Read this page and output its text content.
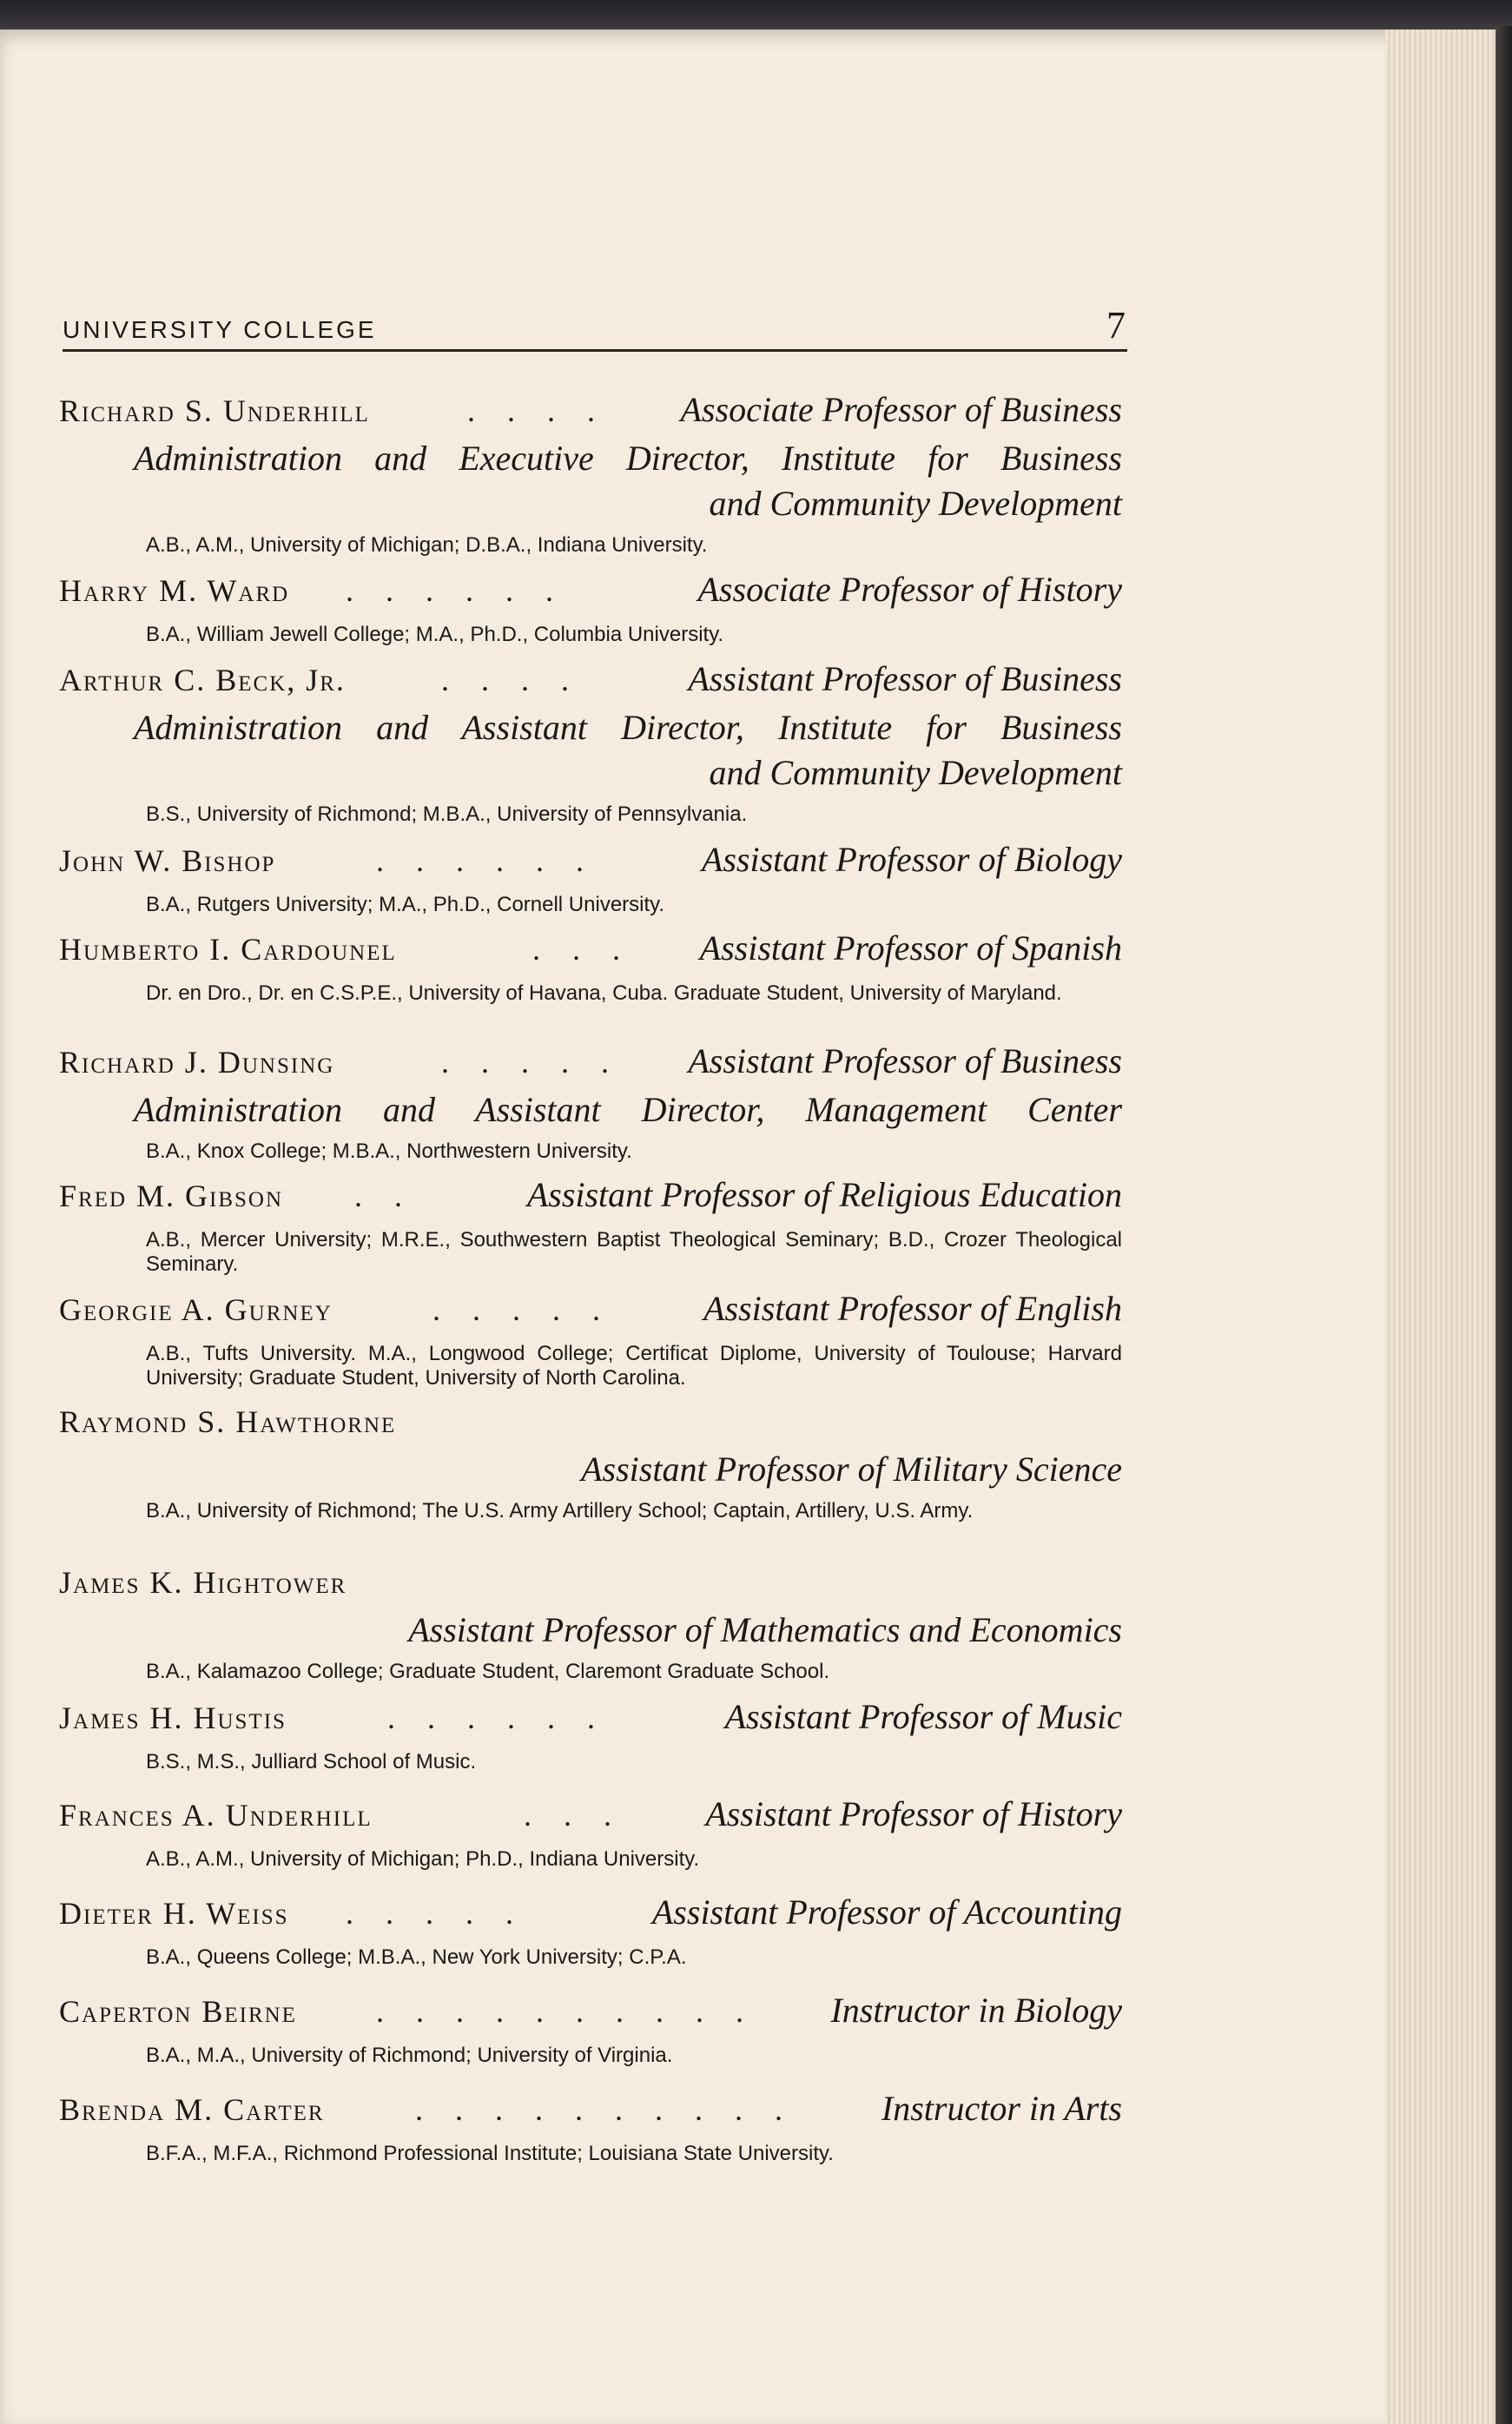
UNIVERSITY COLLEGE	7
Richard S. Underhill	. . . . Associate Professor of Business
Administration and Executive Director, Institute for Business
and Community Development
A.B., A.M., University of Michigan; D.B.A., Indiana University.
Harry M. Ward . . . . . .	Associate Professor of History
B.A., William Jewell College; M.A., Ph.D., Columbia University.
Arthur C. Beck, Jr.	. . . .	Assistant Professor of Business
Administration and Assistant Director, Institute for Business
and Community Development
B.S., University of Richmond; M.B.A., University of Pennsylvania.
John W. Bishop	. . . . . .	Assistant Professor of Biology
B.A., Rutgers University; M.A., Ph.D., Cornell University.
Humberto I. Cardounel	. . . Assistant Professor of Spanish
Dr. en Dro., Dr. en C.S.P.E., University of Havana, Cuba. Graduate Student, University of Maryland.
Richard J. Dunsing	. . . . . Assistant Professor of Business
Administration and Assistant Director, Management Center
B.A., Knox College; M.B.A., Northwestern University.
Fred M. Gibson . .	Assistant Professor of Religious Education
A.B., Mercer University; M.R.E., Southwestern Baptist Theological Seminary; B.D., Crozer Theological Seminary.
Georgie A. Gurney	. . . . .	Assistant Professor of English
A.B., Tufts University. M.A., Longwood College; Certificat Diplome, University of Toulouse; Harvard University; Graduate Student, University of North Carolina.
Raymond S. Hawthorne
Assistant Professor of Military Science
B.A., University of Richmond; The U.S. Army Artillery School; Captain, Artillery, U.S. Army.
James K. Hightower
Assistant Professor of Mathematics and Economics
B.A., Kalamazoo College; Graduate Student, Claremont Graduate School.
James H. Hustis	. . . . . .	Assistant Professor of Music
B.S., M.S., Julliard School of Music.
Frances A. Underhill	. . . Assistant Professor of History
A.B., A.M., University of Michigan; Ph.D., Indiana University.
Dieter H. Weiss . . . . .	Assistant Professor of Accounting
B.A., Queens College; M.B.A., New York University; C.P.A.
Caperton Beirne	. . . . . . . . . . Instructor in Biology
B.A., M.A., University of Richmond; University of Virginia.
Brenda M. Carter	. . . . . . . . . . Instructor in Arts
B.F.A., M.F.A., Richmond Professional Institute; Louisiana State University.
